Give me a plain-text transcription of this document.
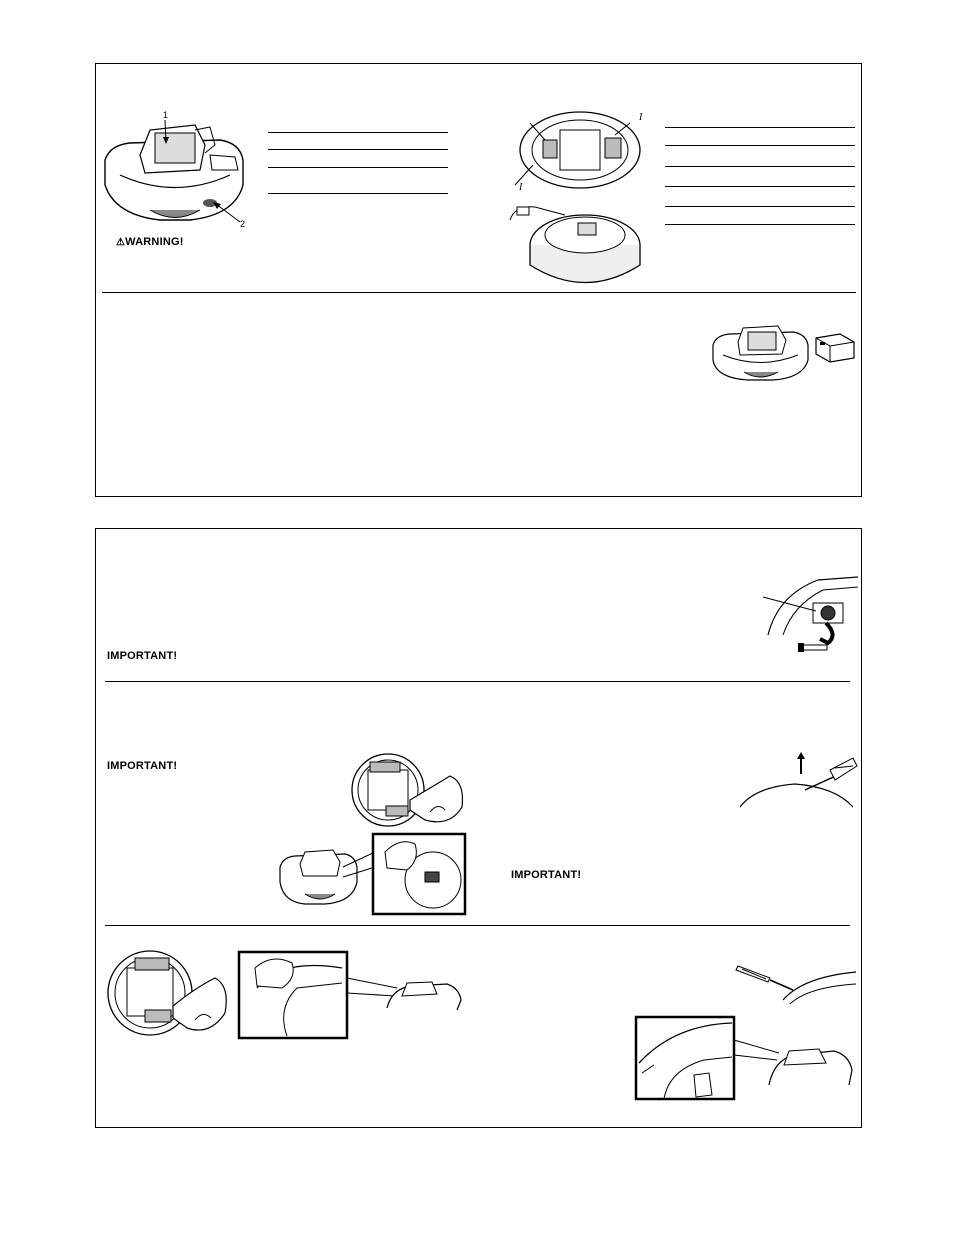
1
2
⚠WARNING!
I
I
IMPORTANT!
IMPORTANT!
IMPORTANT!
